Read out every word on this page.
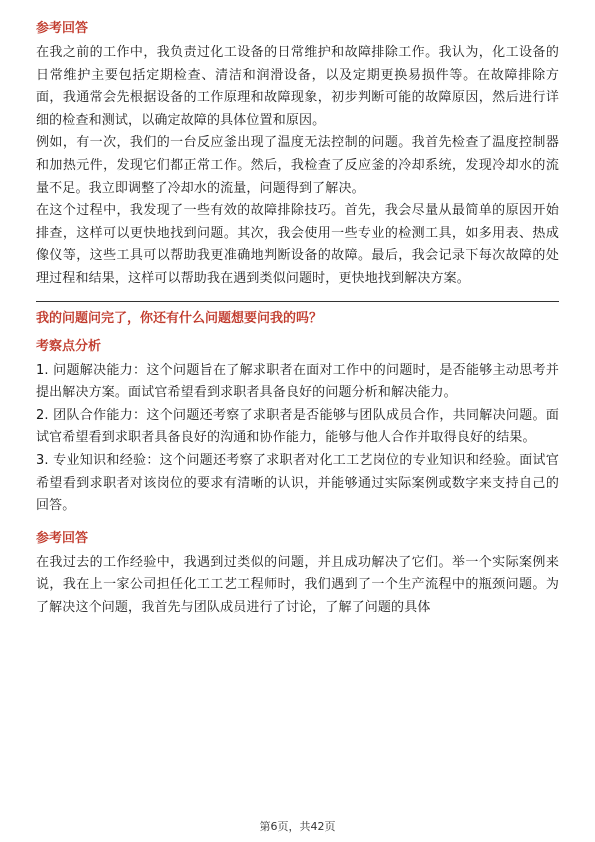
参考回答

在我之前的工作中，我负责过化工设备的日常维护和故障排除工作。我认为，化工设备的日常维护主要包括定期检查、清洁和润滑设备，以及定期更换易损件等。在故障排除方面，我通常会先根据设备的工作原理和故障现象，初步判断可能的故障原因，然后进行详细的检查和测试，以确定故障的具体位置和原因。

例如，有一次，我们的一台反应釜出现了温度无法控制的问题。我首先检查了温度控制器和加热元件，发现它们都正常工作。然后，我检查了反应釜的冷却系统，发现冷却水的流量不足。我立即调整了冷却水的流量，问题得到了解决。

在这个过程中，我发现了一些有效的故障排除技巧。首先，我会尽量从最简单的原因开始排查，这样可以更快地找到问题。其次，我会使用一些专业的检测工具，如多用表、热成像仪等，这些工具可以帮助我更准确地判断设备的故障。最后，我会记录下每次故障的处理过程和结果，这样可以帮助我在遇到类似问题时，更快地找到解决方案。

我的问题问完了，你还有什么问题想要问我的吗？
考察点分析

1. 问题解决能力：这个问题旨在了解求职者在面对工作中的问题时，是否能够主动思考并提出解决方案。面试官希望看到求职者具备良好的问题分析和解决能力。

2. 团队合作能力：这个问题还考察了求职者是否能够与团队成员合作，共同解决问题。面试官希望看到求职者具备良好的沟通和协作能力，能够与他人合作并取得良好的结果。

3. 专业知识和经验：这个问题还考察了求职者对化工工艺岗位的专业知识和经验。面试官希望看到求职者对该岗位的要求有清晰的认识，并能够通过实际案例或数字来支持自己的回答。

参考回答

在我过去的工作经验中，我遇到过类似的问题，并且成功解决了它们。举一个实际案例来说，我在上一家公司担任化工工艺工程师时，我们遇到了一个生产流程中的瓶颈问题。为了解决这个问题，我首先与团队成员进行了讨论，了解了问题的具体

第6页，共42页
